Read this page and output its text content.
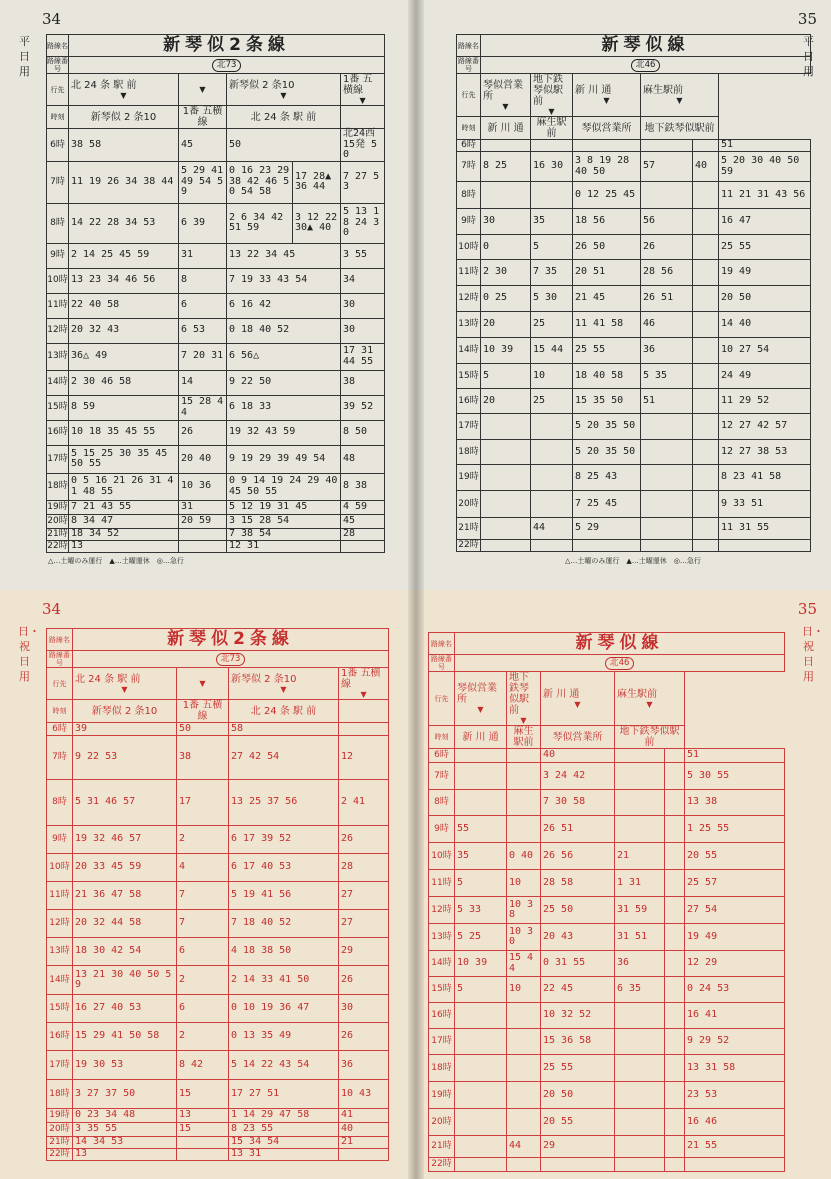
34
平日用
路線名	新琴似2条線				
路線番号	北73				
行先	北 24 条 駅 前
▼	▼	新琴似 2 条10
▼		1番 五横線
▼

時刻	新琴似 2 条10	1番 五横線	北 24 条 駅 前		
6時	38 58	45	50		北24西 15発 50
7時	11 19 26 34 38 44	5 29 41 49 54 59	0 16 23 29 38 42 46 50 54 58	17 28▲ 36 44	7 27 53
8時	14 22 28 34 53	6 39	2 6 34 42 51 59	3 12 22 30▲ 40	5 13 18 24 30
9時	2 14 25 45 59	31	13 22 34 45		3 55
10時	13 23 34 46 56	8	7 19 33 43 54		34
11時	22 40 58	6	6 16 42		30
12時	20 32 43	6 53	0 18 40 52		30
13時	36△ 49	7 20 31	6 56△		17 31 44 55
14時	2 30 46 58	14	9 22 50		38
15時	8 59	15 28 44	6 18 33		39 52
16時	10 18 35 45 55	26	19 32 43 59		8 50
17時	5 15 25 30 35 45 50 55	20 40	9 19 29 39 49 54		48
18時	0 5 16 21 26 31 41 48 55	10 36	0 9 14 19 24 29 40 45 50 55		8 38
19時	7 21 43 55	31	5 12 19 31 45		4 59
20時	8 34 47	20 59	3 15 28 54		45
21時	18 34 52		7 38 54		28
22時	13		12 31		
△…土曜のみ運行　▲…土曜運休　◎…急行
35
平日用
路線名	新琴似線					
路線番号	北46					
行先	琴似営業所
▼	地下鉄琴似駅前
▼	新 川 通
▼	麻生駅前
▼		

時刻	新 川 通	麻生駅前	琴似営業所	地下鉄琴似駅前		
6時						51
7時	8 25	16 30	3 8 19 28 40 50	57	40	5 20 30 40 50 59
8時			0 12 25 45			11 21 31 43 56
9時	30	35	18 56	56		16 47
10時	0	5	26 50	26		25 55
11時	2 30	7 35	20 51	28 56		19 49
12時	0 25	5 30	21 45	26 51		20 50
13時	20	25	11 41 58	46		14 40
14時	10 39	15 44	25 55	36		10 27 54
15時	5	10	18 40 58	5 35		24 49
16時	20	25	15 35 50	51		11 29 52
17時			5 20 35 50			12 27 42 57
18時			5 20 35 50			12 27 38 53
19時			8 25 43			8 23 41 58
20時			7 25 45			9 33 51
21時		44	5 29			11 31 55
22時						
△…土曜のみ運行　▲…土曜運休　◎…急行
34
日・祝日用
路線名	新琴似2条線			
路線番号	北73			
行先	北 24 条 駅 前
▼	▼	新琴似 2 条10
▼	1番 五横線
▼

時刻	新琴似 2 条10	1番 五横線	北 24 条 駅 前	
6時	39	50	58	
7時	9 22 53	38	27 42 54	12
8時	5 31 46 57	17	13 25 37 56	2 41
9時	19 32 46 57	2	6 17 39 52	26
10時	20 33 45 59	4	6 17 40 53	28
11時	21 36 47 58	7	5 19 41 56	27
12時	20 32 44 58	7	7 18 40 52	27
13時	18 30 42 54	6	4 18 38 50	29
14時	13 21 30 40 50 59	2	2 14 33 41 50	26
15時	16 27 40 53	6	0 10 19 36 47	30
16時	15 29 41 50 58	2	0 13 35 49	26
17時	19 30 53	8 42	5 14 22 43 54	36
18時	3 27 37 50	15	17 27 51	10 43
19時	0 23 34 48	13	1 14 29 47 58	41
20時	3 35 55	15	8 23 55	40
21時	14 34 53		15 34 54	21
22時	13		13 31	
35
日・祝日用
路線名	新琴似線					
路線番号	北46					
行先	琴似営業所
▼	地下鉄琴似駅前
▼	新 川 通
▼	麻生駅前
▼		

時刻	新 川 通	麻生駅前	琴似営業所	地下鉄琴似駅前		
6時			40			51
7時			3 24 42			5 30 55
8時			7 30 58			13 38
9時	55		26 51			1 25 55
10時	35	0 40	26 56	21		20 55
11時	5	10	28 58	1 31		25 57
12時	5 33	10 38	25 50	31 59		27 54
13時	5 25	10 30	20 43	31 51		19 49
14時	10 39	15 44	0 31 55	36		12 29
15時	5	10	22 45	6 35		0 24 53
16時			10 32 52			16 41
17時			15 36 58			9 29 52
18時			25 55			13 31 58
19時			20 50			23 53
20時			20 55			16 46
21時		44	29			21 55
22時						
